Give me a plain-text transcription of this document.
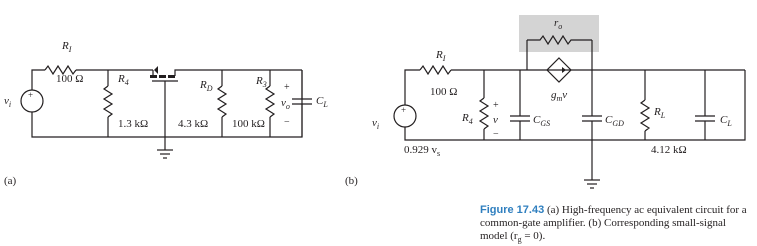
+
$v_i$
$R_I$
100 Ω	$R_4$
1.3 kΩ
$R_D$
4.3 kΩ
$R_3$
100 kΩ
+
$v_o$
−
$C_L$
(a)
$r_o$
+
$v_i$
0.929 $v_s$
$R_I$
100 Ω
$R_4$
+
v
−
$C_{GS}$
$g_mv$
$C_{GD}$
$R_L$
4.12 kΩ
$C_L$
(b)
Figure 17.43 (a) High-frequency ac equivalent circuit for a common-gate amplifier. (b) Corresponding small-signal model $(r_g = 0)$.
